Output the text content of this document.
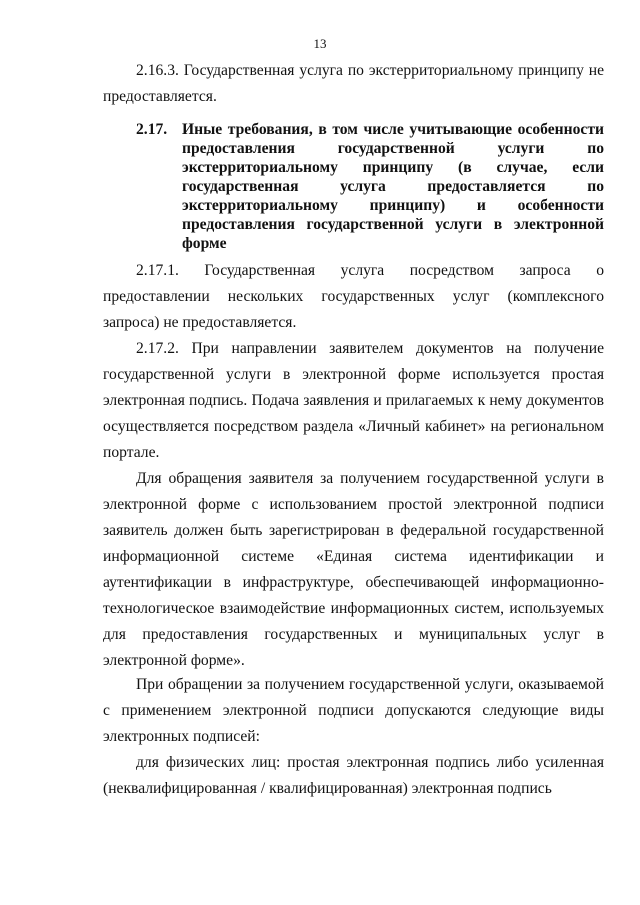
13
2.16.3. Государственная услуга по экстерриториальному принципу не предоставляется.
2.17. Иные требования, в том числе учитывающие особенности предоставления государственной услуги по экстерриториальному принципу (в случае, если государственная услуга предоставляется по экстерриториальному принципу) и особенности предоставления государственной услуги в электронной форме
2.17.1. Государственная услуга посредством запроса о предоставлении нескольких государственных услуг (комплексного запроса) не предоставляется.
2.17.2. При направлении заявителем документов на получение государственной услуги в электронной форме используется простая электронная подпись. Подача заявления и прилагаемых к нему документов осуществляется посредством раздела «Личный кабинет» на региональном портале.
Для обращения заявителя за получением государственной услуги в электронной форме с использованием простой электронной подписи заявитель должен быть зарегистрирован в федеральной государственной информационной системе «Единая система идентификации и аутентификации в инфраструктуре, обеспечивающей информационно-технологическое взаимодействие информационных систем, используемых для предоставления государственных и муниципальных услуг в электронной форме».
При обращении за получением государственной услуги, оказываемой с применением электронной подписи допускаются следующие виды электронных подписей:
для физических лиц: простая электронная подпись либо усиленная (неквалифицированная / квалифицированная) электронная подпись
